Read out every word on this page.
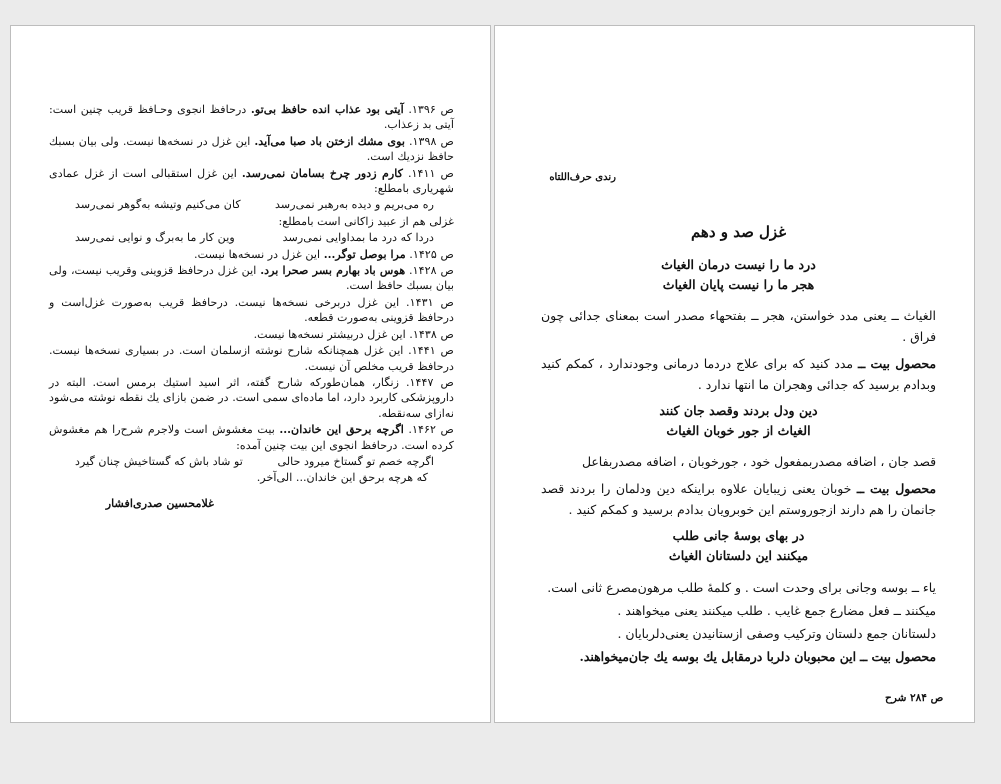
ص ۱۳۹۶. آیتی بود عذاب انده حافظ بی‌تو. درحافظ انجوی وحـافظ قریب چنین است: آیتی بد زعذاب.

ص ۱۳۹۸. بوی مشك ازختن باد صبا می‌آید. این غزل در نسخه‌ها نیست. ولی بیان بسبك حافظ نزدیك است.

ص ۱۴۱۱. کارم زدور چرخ بسامان نمی‌رسد. این غزل استقبالی است از غزل عمادی شهریاری بامطلع:

ره می‌بریم و دیده به‌رهبر نمی‌رسد
کان می‌کنیم وتیشه به‌گوهر نمی‌رسد

غزلی هم از عبید زاکانی است بامطلع:

دردا که درد ما بمداوایی نمی‌رسد
وین کار ما به‌برگ و نوایی نمی‌رسد

ص ۱۴۲۵. مرا بوصل توگر... این غزل در نسخه‌ها نیست.

ص ۱۴۲۸. هوس باد بهارم بسر صحرا برد. این غزل درحافظ قزوینی وقریب نیست، ولی بیان بسبك حافظ است.

ص ۱۴۳۱. این غزل دربرخی نسخه‌ها نیست. درحافظ قریب به‌صورت غزل‌است و درحافظ قزوینی به‌صورت قطعه.

ص ۱۴۳۸. این غزل دربیشتر نسخه‌ها نیست.

ص ۱۴۴۱. این غزل همچنانکه شارح نوشته ازسلمان است. در بسیاری نسخه‌ها نیست. درحافظ قریب مخلص آن نیست.

ص ۱۴۴۷. زنگار، همان‌طورکه شارح گفته، اثر اسید استیك برمس است. البته در داروپزشکی کاربرد دارد، اما ماده‌ای سمی است. در ضمن بازای یك نقطه نوشته می‌شود نه‌ازای سه‌نقطه.

ص ۱۴۶۲. اگرچه برحق این خاندان... بیت مغشوش است ولاجرم شرح‌را هم مغشوش کرده است. درحافظ انجوی این بیت چنین آمده:

اگرچه خصم تو گستاخ میرود حالی
تو شاد باش که گستاخیش چنان گیرد

که هرچه برحق این خاندان... الی‌آخر.

غلامحسین صدری‌افشار
رندی حرف‌اللتاه
غزل صد و دهم
درد ما را نیست درمان الغیاث
هجر ما را نیست پایان الغیاث

الغیاث ــ یعنی مدد خواستن، هجر ــ بفتحهاء مصدر است بمعنای جدائی چون فراق .

محصول بیت ــ مدد کنید که برای علاج دردما درمانی وجودندارد ، کمکم کنید وبدادم برسید که جدائی وهجران ما انتها ندارد .

دین ودل بردند وقصد جان کنند
الغیاث از جور خوبان الغیاث

قصد جان ، اضافه مصدربمفعول خود ، جورخوبان ، اضافه مصدربفاعل

محصول بیت ــ خوبان یعنی زیبایان علاوه براینکه دین ودلمان را بردند قصد جانمان را هم دارند ازجوروستم این خوبرویان بدادم برسید و کمکم کنید .

در بهای بوسهٔ جانی طلب
میکنند این دلستانان الغیاث

یاء ــ بوسه وجانی برای وحدت است . و کلمهٔ طلب مرهون‌مصرع ثانی است.

میکنند ــ فعل مضارع جمع غایب . طلب میکنند یعنی میخواهند .

دلستانان جمع دلستان وترکیب وصفی ازستانیدن یعنی‌دلربایان .

محصول بیت ــ این محبوبان دلربا درمقابل یك بوسه یك جان‌میخواهند.

ص ۲۸۴ شرح
